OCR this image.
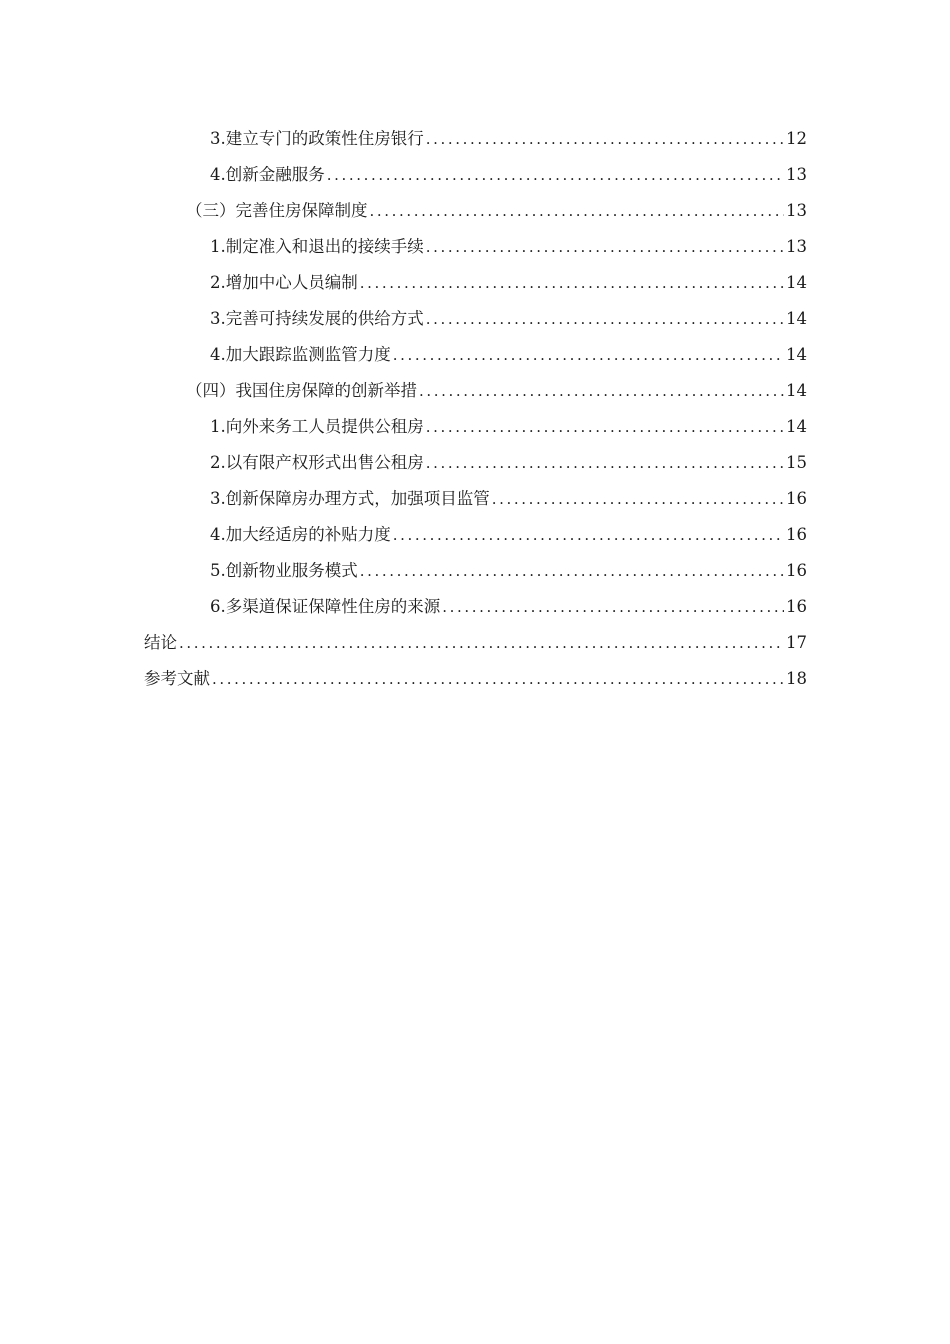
3.建立专门的政策性住房银行 .....	12
4.创新金融服务 .....	13
（三）完善住房保障制度 .....	13
1.制定准入和退出的接续手续 .....	13
2.增加中心人员编制 .....	14
3.完善可持续发展的供给方式 .....	14
4.加大跟踪监测监管力度 .....	14
（四）我国住房保障的创新举措 .....	14
1.向外来务工人员提供公租房 .....	14
2.以有限产权形式出售公租房 .....	15
3.创新保障房办理方式，加强项目监管 .....	16
4.加大经适房的补贴力度 .....	16
5.创新物业服务模式 .....	16
6.多渠道保证保障性住房的来源 .....	16
结论 .....	17
参考文献 .....	18
